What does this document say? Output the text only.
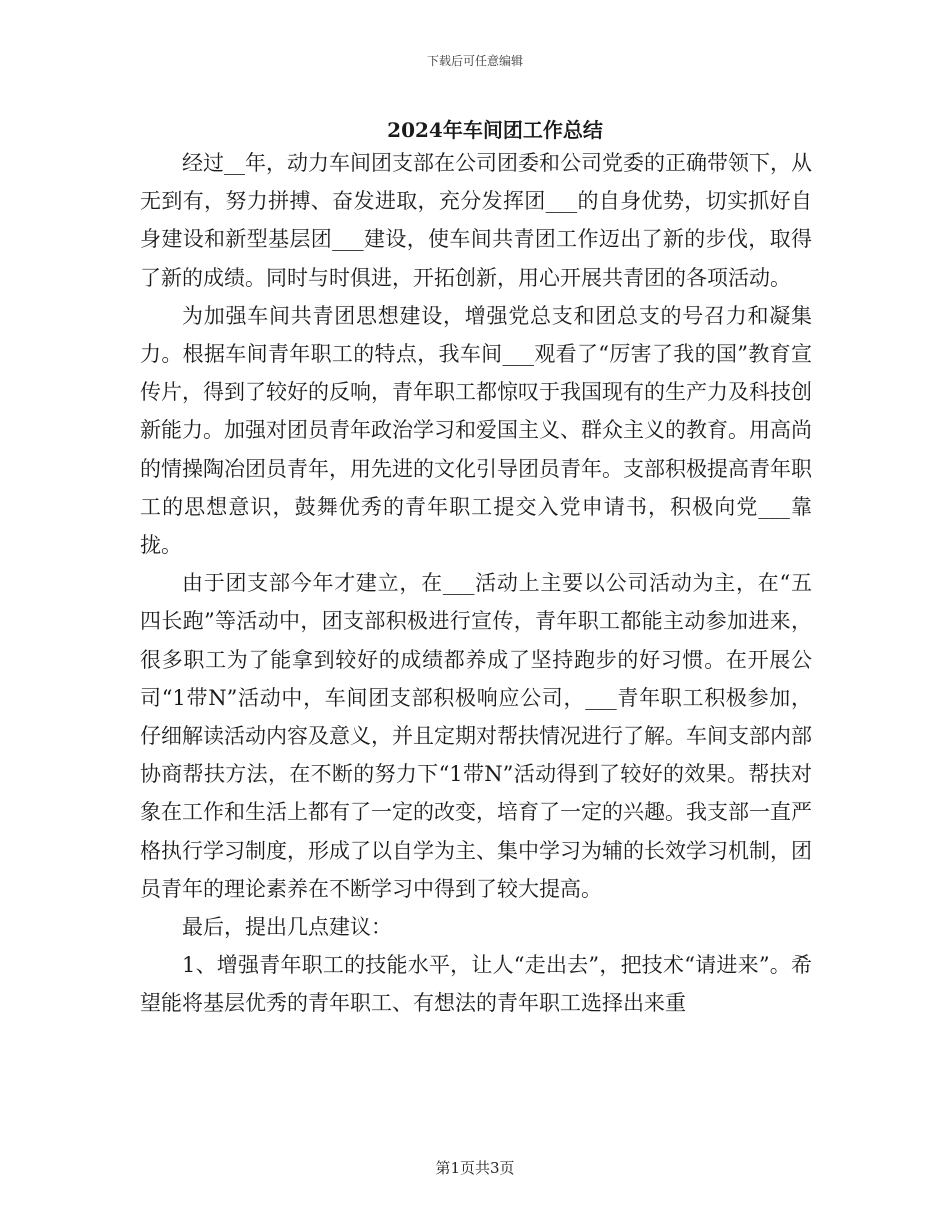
下载后可任意编辑
2024年车间团工作总结

经过__年，动力车间团支部在公司团委和公司党委的正确带领下，从无到有，努力拼搏、奋发进取，充分发挥团___的自身优势，切实抓好自身建设和新型基层团___建设，使车间共青团工作迈出了新的步伐，取得了新的成绩。同时与时俱进，开拓创新，用心开展共青团的各项活动。

为加强车间共青团思想建设，增强党总支和团总支的号召力和凝集力。根据车间青年职工的特点，我车间___观看了“厉害了我的国”教育宣传片，得到了较好的反响，青年职工都惊叹于我国现有的生产力及科技创新能力。加强对团员青年政治学习和爱国主义、群众主义的教育。用高尚的情操陶冶团员青年，用先进的文化引导团员青年。支部积极提高青年职工的思想意识，鼓舞优秀的青年职工提交入党申请书，积极向党___靠拢。

由于团支部今年才建立，在___活动上主要以公司活动为主，在“五四长跑”等活动中，团支部积极进行宣传，青年职工都能主动参加进来，很多职工为了能拿到较好的成绩都养成了坚持跑步的好习惯。在开展公司“1带N”活动中，车间团支部积极响应公司，___青年职工积极参加，仔细解读活动内容及意义，并且定期对帮扶情况进行了解。车间支部内部协商帮扶方法，在不断的努力下“1带N”活动得到了较好的效果。帮扶对象在工作和生活上都有了一定的改变，培育了一定的兴趣。我支部一直严格执行学习制度，形成了以自学为主、集中学习为辅的长效学习机制，团员青年的理论素养在不断学习中得到了较大提高。

最后，提出几点建议：

1、增强青年职工的技能水平，让人“走出去”，把技术“请进来”。希望能将基层优秀的青年职工、有想法的青年职工选择出来重

第1页共3页
